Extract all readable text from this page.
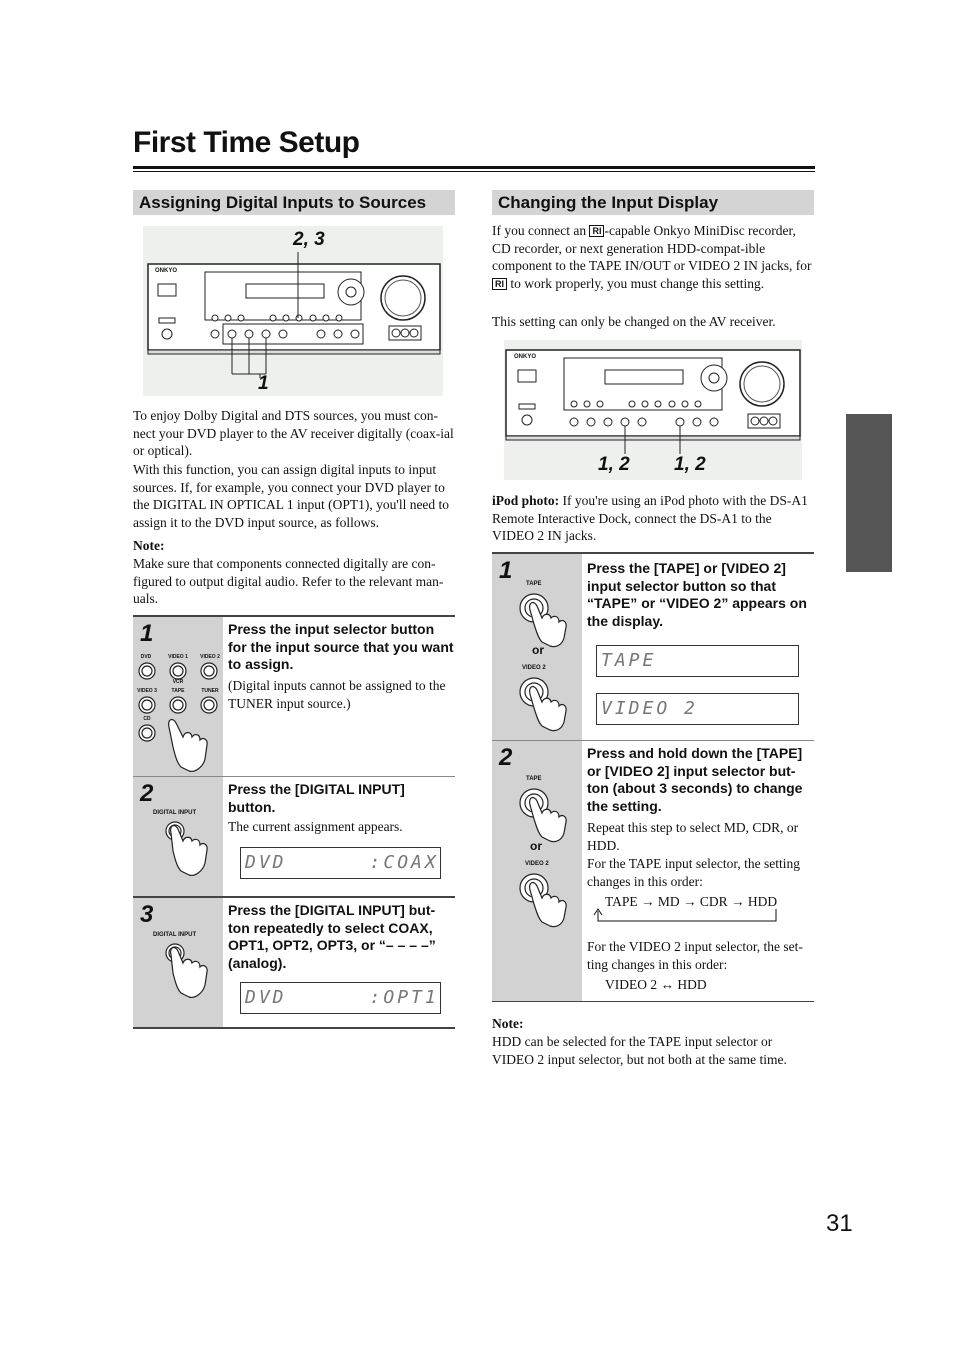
First Time Setup
Assigning Digital Inputs to Sources
ONKYO
2, 3
1
To enjoy Dolby Digital and DTS sources, you must con-nect your DVD player to the AV receiver digitally (coax-ial or optical).
With this function, you can assign digital inputs to input sources. If, for example, you connect your DVD player to the DIGITAL IN OPTICAL 1 input (OPT1), you'll need to assign it to the DVD input source, as follows.
Note:
Make sure that components connected digitally are con-figured to output digital audio. Refer to the relevant man-uals.
1
DVD	VIDEO 1 VIDEO 2
VCR
VIDEO 3	TAPE	TUNER
CD
Press the input selector button for the input source that you want to assign.
(Digital inputs cannot be assigned to the TUNER input source.)
2
DIGITAL INPUT
Press the [DIGITAL INPUT] button.
The current assignment appears.
DVD      :COAX
3
DIGITAL INPUT
Press the [DIGITAL INPUT] but-ton repeatedly to select COAX, OPT1, OPT2, OPT3, or “– – – –” (analog).
DVD      :OPT1
Changing the Input Display
If you connect an RI -capable Onkyo MiniDisc recorder, CD recorder, or next generation HDD-compat-ible component to the TAPE IN/OUT or VIDEO 2 IN jacks, for RI to work properly, you must change this setting.
This setting can only be changed on the AV receiver.
ONKYO
1, 2 1, 2
iPod photo: If you're using an iPod photo with the DS-A1 Remote Interactive Dock, connect the DS-A1 to the VIDEO 2 IN jacks.
1 TAPE
or
VIDEO 2
Press the [TAPE] or [VIDEO 2] input selector button so that “TAPE” or “VIDEO 2” appears on the display.
TAPE
VIDEO 2
2
TAPE
or
VIDEO 2
Press and hold down the [TAPE] or [VIDEO 2] input selector but-ton (about 3 seconds) to change the setting.
Repeat this step to select MD, CDR, or HDD.
For the TAPE input selector, the setting changes in this order:
TAPE → MD → CDR → HDD
For the VIDEO 2 input selector, the set-ting changes in this order:
VIDEO 2 ↔ HDD
Note:
HDD can be selected for the TAPE input selector or VIDEO 2 input selector, but not both at the same time.
31
